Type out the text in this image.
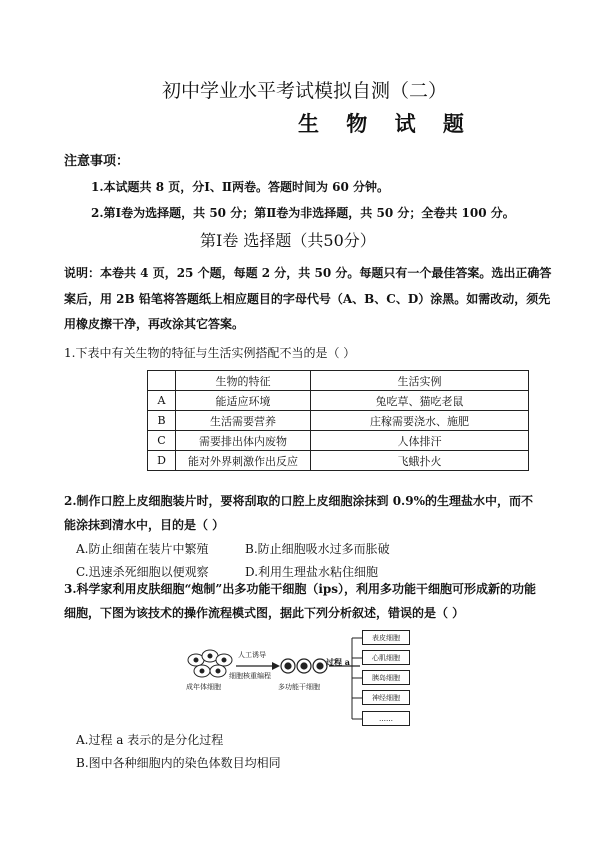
初中学业水平考试模拟自测（二）
生 物 试 题
注意事项：
1.本试题共 8 页，分Ⅰ、Ⅱ两卷。答题时间为 60 分钟。
2.第Ⅰ卷为选择题，共 50 分；第Ⅱ卷为非选择题，共 50 分；全卷共 100 分。
第Ⅰ卷 选择题（共50分）
说明：本卷共 4 页，25 个题，每题 2 分，共 50 分。每题只有一个最佳答案。选出正确答
案后，用 2B 铅笔将答题纸上相应题目的字母代号（A、B、C、D）涂黑。如需改动，须先
用橡皮擦干净，再改涂其它答案。
1.下表中有关生物的特征与生活实例搭配不当的是（ ）
	生物的特征	生活实例
A	能适应环境	兔吃草、猫吃老鼠
B	生活需要营养	庄稼需要浇水、施肥
C	需要排出体内废物	人体排汗
D	能对外界刺激作出反应	飞蛾扑火
2.制作口腔上皮细胞装片时，要将刮取的口腔上皮细胞涂抹到 0.9%的生理盐水中，而不
能涂抹到清水中，目的是（ ）
A.防止细菌在装片中繁殖	B.防止细胞吸水过多而胀破
C.迅速杀死细胞以便观察	D.利用生理盐水粘住细胞
3.科学家利用皮肤细胞“炮制”出多功能干细胞（ips），利用多功能干细胞可形成新的功能
细胞，下图为该技术的操作流程模式图，据此下列分析叙述，错误的是（ ）
人工诱导
细胞核重编程
成年体细胞	多功能干细胞
过程 a
表皮细胞
心肌细胞
胰岛细胞
神经细胞
……
A.过程 a 表示的是分化过程
B.图中各种细胞内的染色体数目均相同
